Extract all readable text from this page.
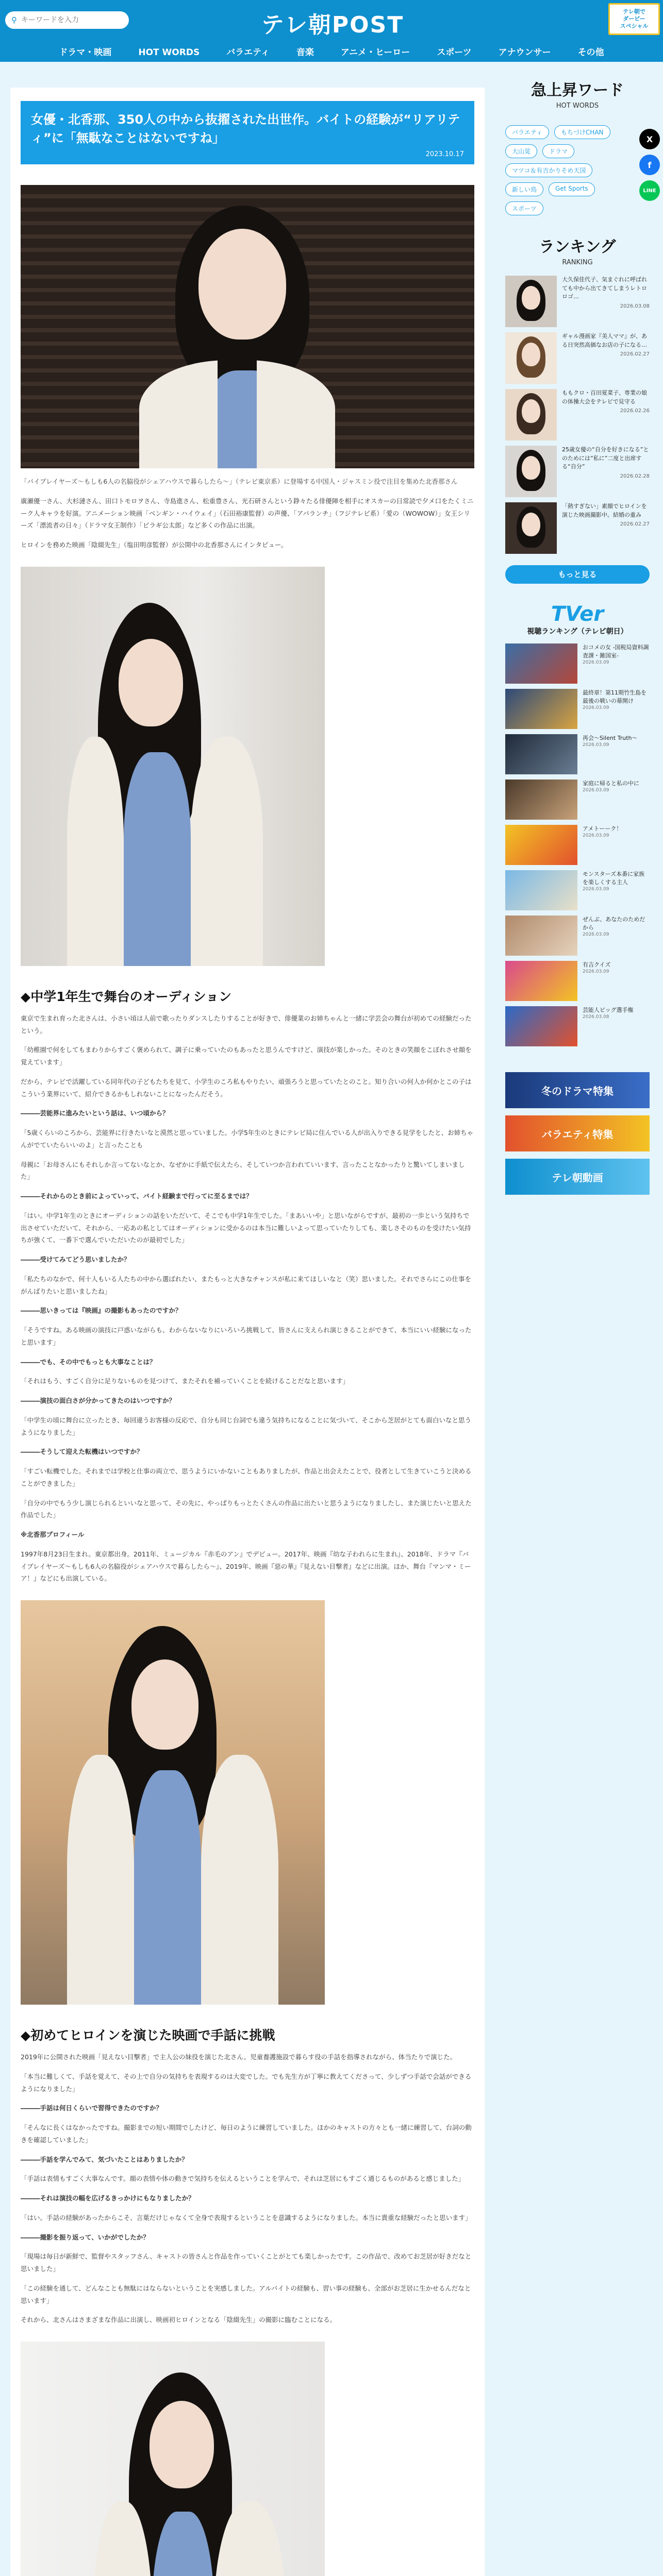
⚲
キーワードを入力	テレ朝POST
テレ朝で
ダービー
スペシャル
ドラマ・映画	HOT WORDS	バラエティ	音楽	アニメ・ヒーロー	スポーツ	アナウンサー	その他
女優・北香那、350人の中から抜擢された出世作。バイトの経験が“リアリティ”に「無駄なことはないですね」
2023.10.17

「バイプレイヤーズ〜もしも6人の名脇役がシェアハウスで暮らしたら〜」（テレビ東京系）に登場する中国人・ジャスミン役で注目を集めた北香那さん

廣瀬優一さん、大杉漣さん、田口トモロヲさん、寺島進さん、松重豊さん、光石研さんという錚々たる俳優陣を相手にオスカーの日常読で夕メ口をたくミニーク人キャラを好演。アニメーション映画「ベンギン・ハイウェイ」（石田裕康監督）の声優、「アバランチ」（フジテレビ系）「愛の（WOWOW）」女王シリーズ「漂流者の日々」（ドラマ女王制作）「ビラギ公太郎」など多くの作品に出演。

ヒロインを務めた映画「陰綴先生」（塩田明彦監督）が公開中の北香那さんにインタビュー。

◆中学1年生で舞台のオーディション

東京で生まれ育った北さんは、小さい頃は人前で歌ったりダンスしたりすることが好きで、俳優業のお姉ちゃんと一緒に学芸会の舞台が初めての経験だったという。

「幼稚園で何をしてもまわりからすごく褒められて、調子に乗っていたのもあったと思うんですけど、演技が楽しかった。そのときの笑顔をこぼれさせ顔を覚えています」

だから、テレビで活躍している同年代の子どもたちを見て、小学生のころ私もやりたい、頑張ろうと思っていたとのこと。知り合いの何人か何かとこの子はこういう業界にいて、紹介できるかもしれないことになったんだそう。

―――芸能界に進みたいという話は、いつ頃から？

「5歳くらいのころから、芸能界に行きたいなと漠然と思っていました。小学5年生のときにテレビ局に住んでいる人が出入りできる見学をしたと、お姉ちゃんがでていたらいいのよ」と言ったことも

母親に「お母さんにもそれしか言ってないなとか、なぜかに手紙で伝えたら、そしていつか言われていいます、言ったことなかったりと驚いてしまいました」

―――それからのとき前によっていって、バイト経験まで行ってに至るまでは？

「はい。中学1年生のときにオーディションの話をいただいて、そこでも中学1年生でした。「まあいいや」と思いながらですが、最初の一歩という気持ちで出させていただいて、それから、一応あの私としてはオーディションに受かるのは本当に難しいよって思っていたりしても、楽しさそのものを受けたい気持ちが強くて、一番下で選んでいただいたのが最初でした」

―――受けてみてどう思いましたか？

「私たちのなかで、何十人もいる人たちの中から選ばれたい、またもっと大きなチャンスが私に来てほしいなと（笑）思いました。それでさらにこの仕事をがんばりたいと思いましたね」

―――思いきっては『映画』の撮影もあったのですか？

「そうですね。ある映画の演技に戸惑いながらも、わからないなりにいろいろ挑戦して、皆さんに支えられ演じきることができて、本当にいい経験になったと思います」

―――でも、その中でもっとも大事なことは？

「それはもう、すごく自分に足りないものを見つけて、またそれを補っていくことを続けることだなと思います」

―――演技の面白さが分かってきたのはいつですか？

「中学生の頃に舞台に立ったとき、毎回違うお客様の反応で、自分も同じ台詞でも違う気持ちになることに気づいて、そこから芝居がとても面白いなと思うようになりました」

―――そうして迎えた転機はいつですか？

「すごい転機でした。それまでは学校と仕事の両立で、思うようにいかないこともありましたが、作品と出会えたことで、役者として生きていこうと決めることができました」

「自分の中でもう少し演じられるといいなと思って、その先に、やっぱりもっとたくさんの作品に出たいと思うようになりましたし、また演じたいと思えた作品でした」

※北香那プロフィール

1997年8月23日生まれ。東京都出身。2011年、ミュージカル『赤毛のアン』でデビュー。2017年、映画『幼な子われらに生まれ』、2018年、ドラマ『バイプレイヤーズ〜もしも6人の名脇役がシェアハウスで暮らしたら〜』、2019年、映画『惡の華』『見えない目撃者』などに出演。ほか、舞台『マンマ・ミーア！』などにも出演している。

◆初めてヒロインを演じた映画で手話に挑戦

2019年に公開された映画「見えない目撃者」で主人公の妹役を演じた北さん。児童養護施設で暮らす役の手話を指導されながら、体当たりで演じた。

「本当に難しくて、手話を覚えて、その上で自分の気持ちを表現するのは大変でした。でも先生方が丁寧に教えてくださって、少しずつ手話で会話ができるようになりました」

―――手話は何日くらいで習得できたのですか？

「そんなに長くはなかったですね。撮影までの短い期間でしたけど、毎日のように練習していました。ほかのキャストの方々とも一緒に練習して、台詞の動きを確認していました」

―――手話を学んでみて、気づいたことはありましたか？

「手話は表情もすごく大事なんです。顔の表情や体の動きで気持ちを伝えるということを学んで、それは芝居にもすごく通じるものがあると感じました」

―――それは演技の幅を広げるきっかけにもなりましたか？

「はい。手話の経験があったからこそ、言葉だけじゃなくて全身で表現するということを意識するようになりました。本当に貴重な経験だったと思います」

―――撮影を振り返って、いかがでしたか？

「現場は毎日が新鮮で、監督やスタッフさん、キャストの皆さんと作品を作っていくことがとても楽しかったです。この作品で、改めてお芝居が好きだなと思いました」

「この経験を通して、どんなことも無駄にはならないということを実感しました。アルバイトの経験も、習い事の経験も、全部がお芝居に生かせるんだなと思います」

それから、北さんはさまざまな作品に出演し、映画初ヒロインとなる「陰綴先生」の撮影に臨むことになる。

急上昇ワード
HOT WORDS
X
f
LINE
バラエティ	もちづけCHAN
大山晃	ドラマ
マツコ＆有吉かりそめ天国
新しい鳥	Get Sports
スポーツ
ランキング
RANKING
大久保佳代子、気まぐれに呼ばれても中から出てきてしまうレトロロゴ…
2026.03.08
ギャル漫画家『美人ママ』が、ある日突然高価なお店の子になる…
2026.02.27
ももクロ・百田夏菜子、専業の娘の体操大会をテレビで見守る
2026.02.26
25歳女優の“自分を好きになる”とのためには“私に”二度と出席する“自分”
2026.02.28
「熱すぎない」素顔でヒロインを演じた映画撮影中。結婚の重み
2026.02.27
もっと見る
TVer
視聴ランキング（テレビ朝日）
おコメの女 -国税局資料調査課・雑国室-
2026.03.09
最終章！第11期竹生島を最後の戦いの幕開け
2026.03.09
再会〜Silent Truth〜
2026.03.09
家庭に帰ると私の中に
2026.03.09
アメトーーク！
2026.03.09
モンスターズ本番に家族を楽しくする主人
2026.03.09
ぜんぶ、あなたのためだから
2026.03.09
有吉クイズ
2026.03.09
芸能人ビッグ選手権
2026.03.08
冬のドラマ特集
バラエティ特集
テレ朝動画
